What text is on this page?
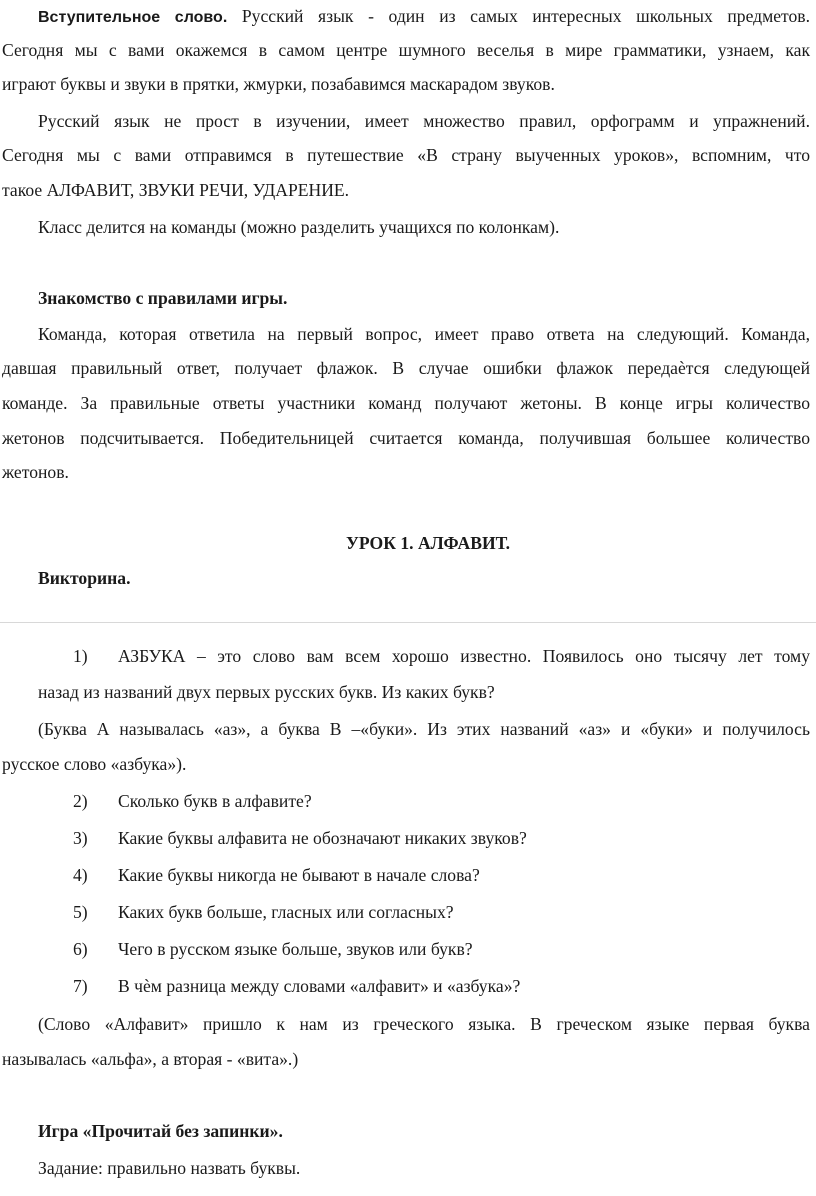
Вступительное слово. Русский язык - один из самых интересных школьных предметов.
Сегодня мы с вами окажемся в самом центре шумного веселья в мире грамматики, узнаем, как
играют буквы и звуки в прятки, жмурки, позабавимся маскарадом звуков.
Русский язык не прост в изучении, имеет множество правил, орфограмм и упражнений.
Сегодня мы с вами отправимся в путешествие «В страну выученных уроков», вспомним, что
такое АЛФАВИТ, ЗВУКИ РЕЧИ, УДАРЕНИЕ.
Класс делится на команды (можно разделить учащихся по колонкам).
Знакомство с правилами игры.
Команда, которая ответила на первый вопрос, имеет право ответа на следующий. Команда,
давшая правильный ответ, получает флажок. В случае ошибки флажок передаѐтся следующей
команде. За правильные ответы участники команд получают жетоны. В конце игры количество
жетонов подсчитывается. Победительницей считается команда, получившая большее количество
жетонов.
УРОК 1. АЛФАВИТ.
Викторина.
1)	АЗБУКА – это слово вам всем хорошо известно. Появилось оно тысячу лет тому
назад из названий двух первых русских букв. Из каких букв?
(Буква А называлась «аз», а буква В –«буки». Из этих названий «аз» и «буки» и получилось
русское слово «азбука»).
2)	Сколько букв в алфавите?
3)	Какие буквы алфавита не обозначают никаких звуков?
4)	Какие буквы никогда не бывают в начале слова?
5)	Каких букв больше, гласных или согласных?
6)	Чего в русском языке больше, звуков или букв?
7)	В чѐм разница между словами «алфавит» и «азбука»?
(Слово «Алфавит» пришло к нам из греческого языка. В греческом языке первая буква
называлась «альфа», а вторая - «вита».)
Игра «Прочитай без запинки».
Задание: правильно назвать буквы.
